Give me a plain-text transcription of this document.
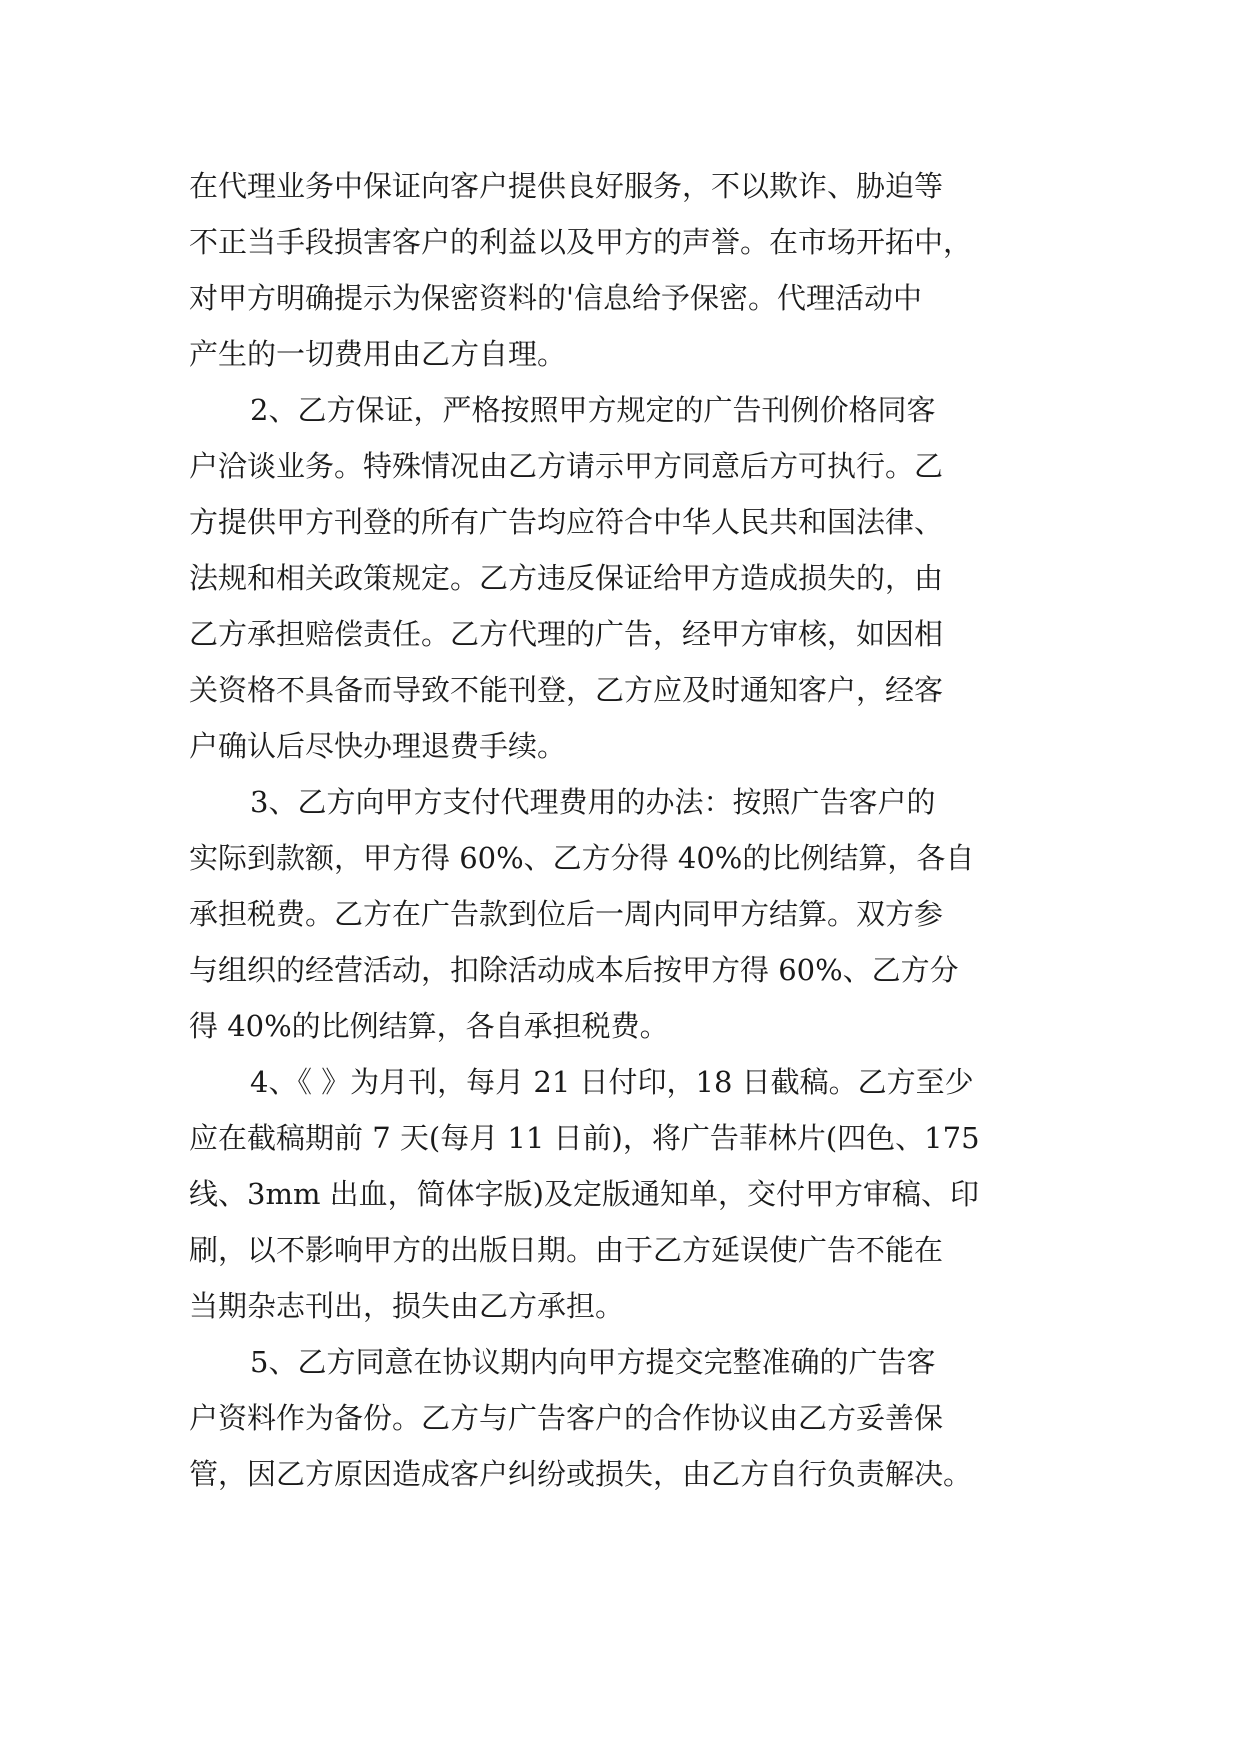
在代理业务中保证向客户提供良好服务，不以欺诈、胁迫等
不正当手段损害客户的利益以及甲方的声誉。在市场开拓中，
对甲方明确提示为保密资料的'信息给予保密。代理活动中
产生的一切费用由乙方自理。
2、乙方保证，严格按照甲方规定的广告刊例价格同客
户洽谈业务。特殊情况由乙方请示甲方同意后方可执行。乙
方提供甲方刊登的所有广告均应符合中华人民共和国法律、
法规和相关政策规定。乙方违反保证给甲方造成损失的，由
乙方承担赔偿责任。乙方代理的广告，经甲方审核，如因相
关资格不具备而导致不能刊登，乙方应及时通知客户，经客
户确认后尽快办理退费手续。
3、乙方向甲方支付代理费用的办法：按照广告客户的
实际到款额，甲方得 60%、乙方分得 40%的比例结算，各自
承担税费。乙方在广告款到位后一周内同甲方结算。双方参
与组织的经营活动，扣除活动成本后按甲方得 60%、乙方分
得 40%的比例结算，各自承担税费。
4、《 》为月刊，每月 21 日付印，18 日截稿。乙方至少
应在截稿期前 7 天(每月 11 日前)，将广告菲林片(四色、175
线、3mm 出血，简体字版)及定版通知单，交付甲方审稿、印
刷，以不影响甲方的出版日期。由于乙方延误使广告不能在
当期杂志刊出，损失由乙方承担。
5、乙方同意在协议期内向甲方提交完整准确的广告客
户资料作为备份。乙方与广告客户的合作协议由乙方妥善保
管，因乙方原因造成客户纠纷或损失，由乙方自行负责解决。
